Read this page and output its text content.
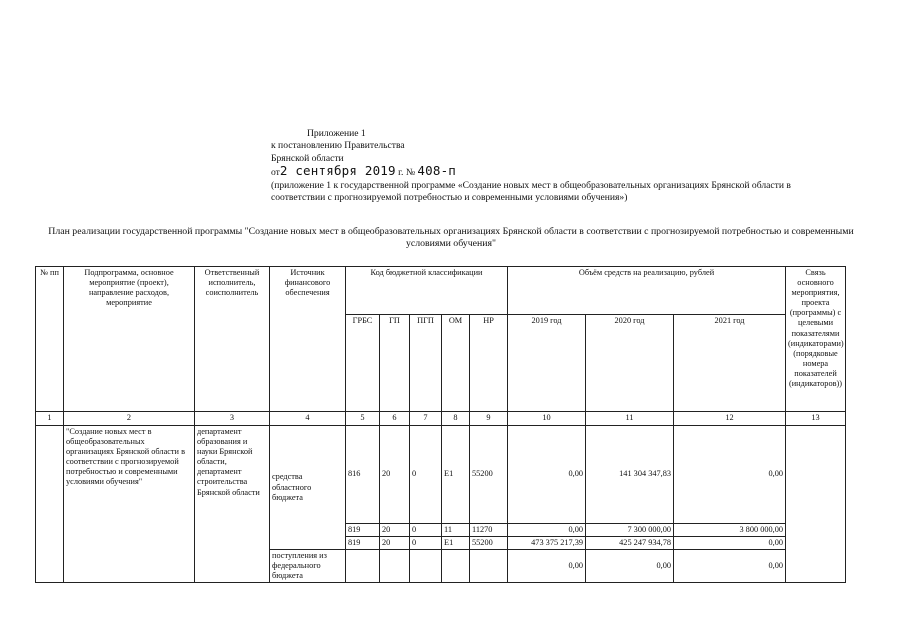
Приложение 1
к постановлению Правительства
Брянской области
от2 сентября 2019 г. № 408-п
(приложение 1 к государственной программе «Создание новых мест в общеобразовательных организациях Брянской области в соответствии с прогнозируемой потребностью и современными условиями обучения»)
План реализации государственной программы "Создание новых мест в общеобразовательных организациях Брянской области в соответствии с прогнозируемой потребностью и современными условиями обучения"
№ пп	Подпрограмма, основное мероприятие (проект), направление расходов, мероприятие	Ответственный исполнитель, соисполнитель	Источник финансового обеспечения	Код бюджетной классификации					Объём средств на реализацию, рублей			Связь основного мероприятия, проекта (программы) с целевыми показателями (индикаторами) (порядковые номера показателей (индикаторов))
				ГРБС	ГП	ПГП	ОМ	НР	2019 год	2020 год	2021 год	
1	2	3	4	5	6	7	8	9	10	11	12	13
	"Создание новых мест в общеобразовательных организациях Брянской области в соответствии с прогнозируемой потребностью и современными условиями обучения"	департамент образования и науки Брянской области, департамент строительства Брянской области	средства областного бюджета	816	20	0	E1	55200	0,00	141 304 347,83	0,00	
				819	20	0	11	11270	0,00	7 300 000,00	3 800 000,00	
				819	20	0	E1	55200	473 375 217,39	425 247 934,78	0,00	
			поступления из федерального бюджета						0,00	0,00	0,00	
